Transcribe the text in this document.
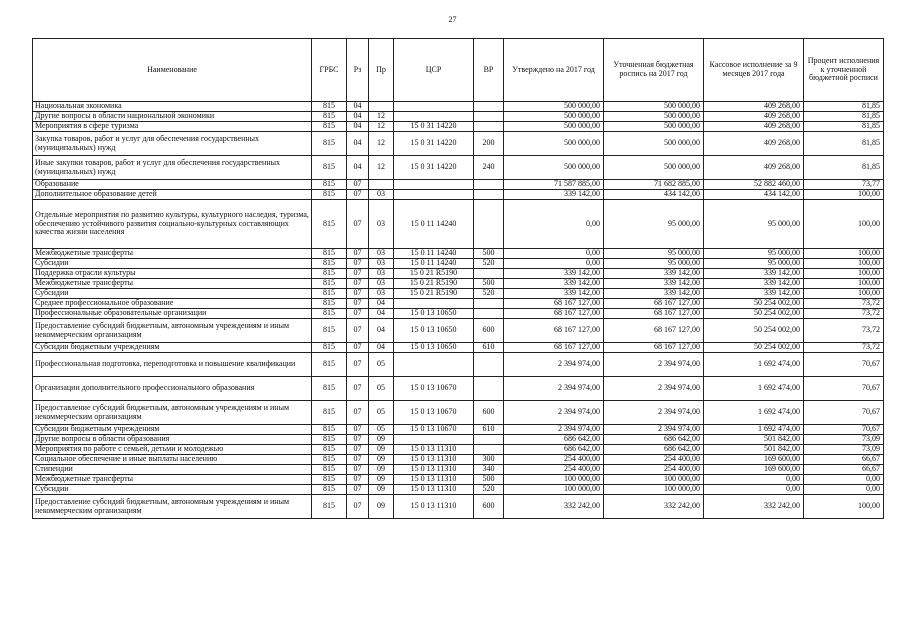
27
Наименование	ГРБС	Рз	Пр	ЦСР	ВР	Утверждено на 2017 год	Уточненная бюджетная роспись на 2017 год	Кассовое исполнение за 9 месяцев 2017 года	Процент исполнения к уточненной бюджетной росписи
Национальная экономика	815	04				500 000,00	500 000,00	409 268,00	81,85
Другие вопросы в области национальной экономики	815	04	12			500 000,00	500 000,00	409 268,00	81,85
Мероприятия в сфере туризма	815	04	12	15 0 31 14220		500 000,00	500 000,00	409 268,00	81,85
Закупка товаров, работ и услуг для обеспечения государственных (муниципальных) нужд	815	04	12	15 0 31 14220	200	500 000,00	500 000,00	409 268,00	81,85
Иные закупки товаров, работ и услуг для обеспечения государственных (муниципальных) нужд	815	04	12	15 0 31 14220	240	500 000,00	500 000,00	409 268,00	81,85
Образование	815	07				71 587 885,00	71 682 885,00	52 882 460,00	73,77
Дополнительное образование детей	815	07	03			339 142,00	434 142,00	434 142,00	100,00
Отдельные мероприятия по развитию культуры, культурного наследия, туризма, обеспечению устойчивого развития социально-культурных составляющих качества жизни населения	815	07	03	15 0 11 14240		0,00	95 000,00	95 000,00	100,00
Межбюджетные трансферты	815	07	03	15 0 11 14240	500	0,00	95 000,00	95 000,00	100,00
Субсидии	815	07	03	15 0 11 14240	520	0,00	95 000,00	95 000,00	100,00
Поддержка отрасли культуры	815	07	03	15 0 21 R5190		339 142,00	339 142,00	339 142,00	100,00
Межбюджетные трансферты	815	07	03	15 0 21 R5190	500	339 142,00	339 142,00	339 142,00	100,00
Субсидии	815	07	03	15 0 21 R5190	520	339 142,00	339 142,00	339 142,00	100,00
Среднее профессиональное образование	815	07	04			68 167 127,00	68 167 127,00	50 254 002,00	73,72
Профессиональные образовательные организации	815	07	04	15 0 13 10650		68 167 127,00	68 167 127,00	50 254 002,00	73,72
Предоставление субсидий бюджетным, автономным учреждениям и иным некоммерческим организациям	815	07	04	15 0 13 10650	600	68 167 127,00	68 167 127,00	50 254 002,00	73,72
Субсидии бюджетным учреждениям	815	07	04	15 0 13 10650	610	68 167 127,00	68 167 127,00	50 254 002,00	73,72
Профессиональная подготовка, переподготовка и повышение квалификации	815	07	05			2 394 974,00	2 394 974,00	1 692 474,00	70,67
Организации дополнительного профессионального образования	815	07	05	15 0 13 10670		2 394 974,00	2 394 974,00	1 692 474,00	70,67
Предоставление субсидий бюджетным, автономным учреждениям и иным некоммерческим организациям	815	07	05	15 0 13 10670	600	2 394 974,00	2 394 974,00	1 692 474,00	70,67
Субсидии бюджетным учреждениям	815	07	05	15 0 13 10670	610	2 394 974,00	2 394 974,00	1 692 474,00	70,67
Другие вопросы в области образования	815	07	09			686 642,00	686 642,00	501 842,00	73,09
Мероприятия по работе с семьей, детьми и молодежью	815	07	09	15 0 13 11310		686 642,00	686 642,00	501 842,00	73,09
Социальное обеспечение и иные выплаты населению	815	07	09	15 0 13 11310	300	254 400,00	254 400,00	169 600,00	66,67
Стипендии	815	07	09	15 0 13 11310	340	254 400,00	254 400,00	169 600,00	66,67
Межбюджетные трансферты	815	07	09	15 0 13 11310	500	100 000,00	100 000,00	0,00	0,00
Субсидии	815	07	09	15 0 13 11310	520	100 000,00	100 000,00	0,00	0,00
Предоставление субсидий бюджетным, автономным учреждениям и иным некоммерческим организациям	815	07	09	15 0 13 11310	600	332 242,00	332 242,00	332 242,00	100,00
